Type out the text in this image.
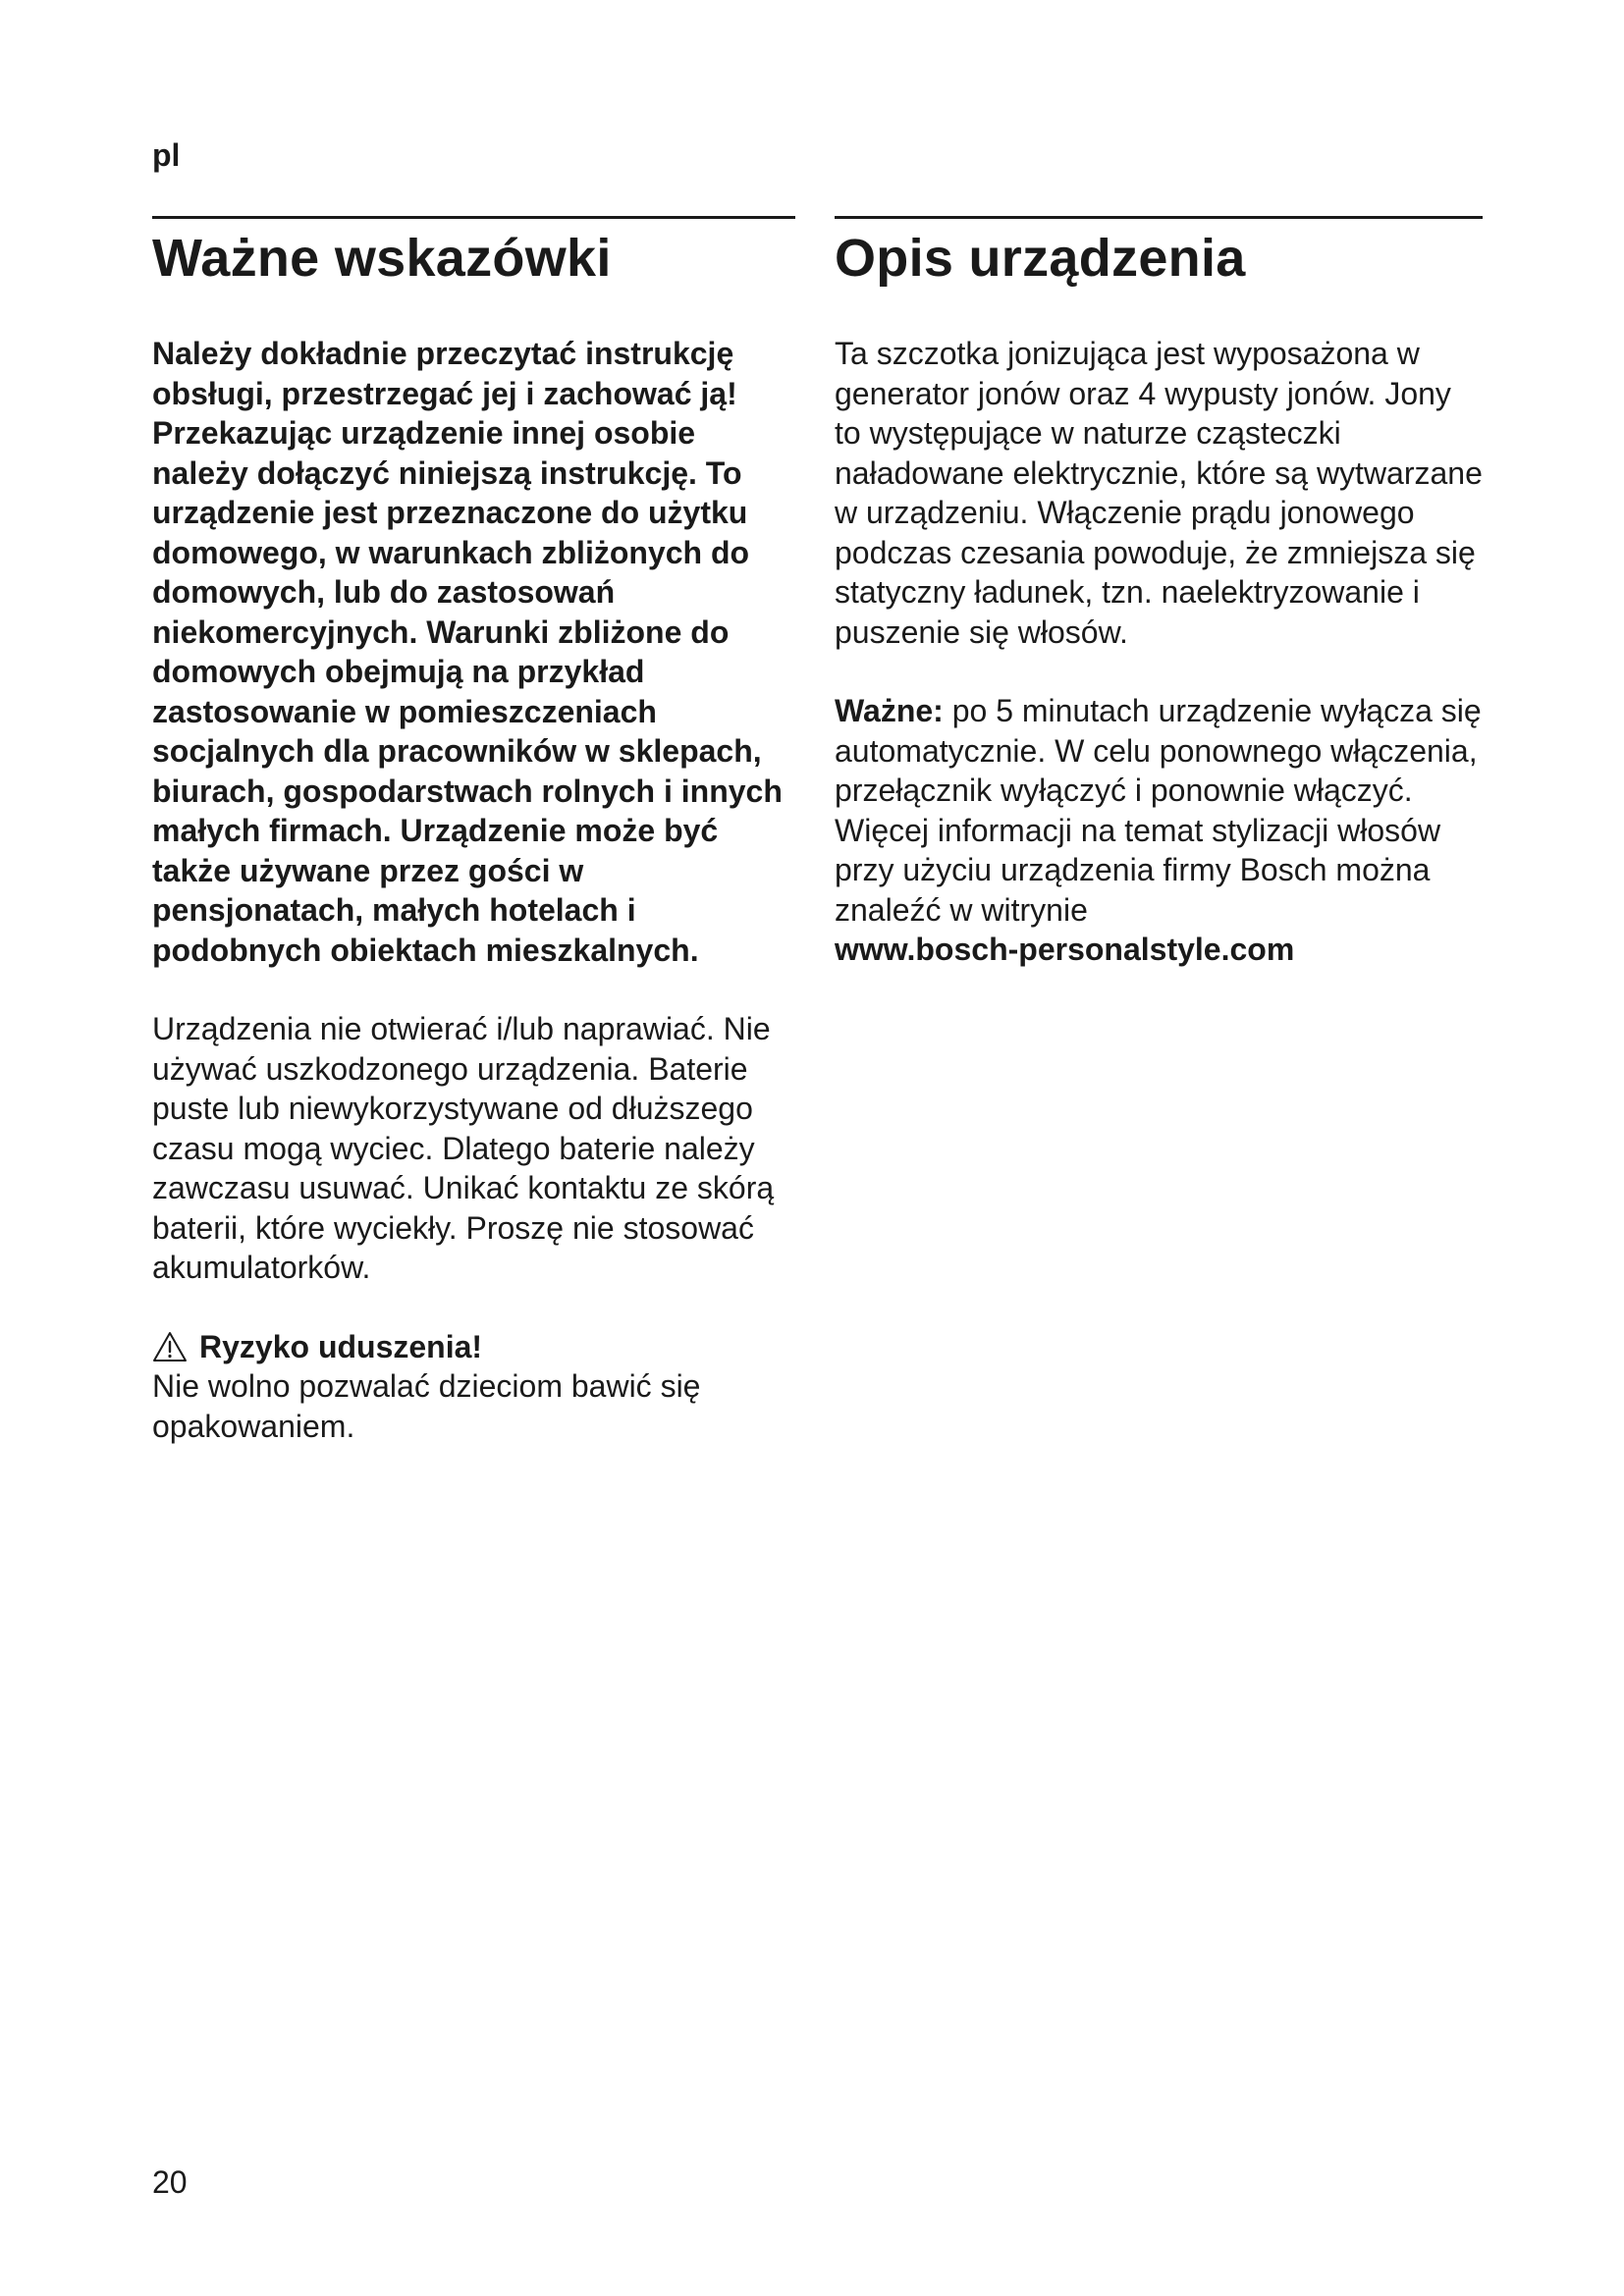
pl
Ważne wskazówki

Należy dokładnie przeczytać instrukcję obsługi, przestrzegać jej i zachować ją! Przekazując urządzenie innej osobie należy dołączyć niniejszą instrukcję. To urządzenie jest przeznaczone do użytku domowego, w warunkach zbliżonych do domowych, lub do zastosowań niekomercyjnych. Warunki zbliżone do domowych obejmują na przykład zastosowanie w pomieszczeniach socjalnych dla pracowników w sklepach, biurach, gospodarstwach rolnych i innych małych firmach. Urządzenie może być także używane przez gości w pensjonatach, małych hotelach i podobnych obiektach mieszkalnych.

Urządzenia nie otwierać i/lub naprawiać. Nie używać uszkodzonego urządzenia. Baterie puste lub niewykorzystywane od dłuższego czasu mogą wyciec. Dlatego baterie należy zawczasu usuwać. Unikać kontaktu ze skórą baterii, które wyciekły. Proszę nie stosować akumulatorków.

Ryzyko uduszenia!

Nie wolno pozwalać dzieciom bawić się opakowaniem.

Opis urządzenia

Ta szczotka jonizująca jest wyposażona w generator jonów oraz 4 wypusty jonów. Jony to występujące w naturze cząsteczki naładowane elektrycznie, które są wytwarzane w urządzeniu. Włączenie prądu jonowego podczas czesania powoduje, że zmniejsza się statyczny ładunek, tzn. naelektryzowanie i puszenie się włosów.

Ważne: po 5 minutach urządzenie wyłącza się automatycznie. W celu ponownego włączenia, przełącznik wyłączyć i ponownie włączyć. Więcej informacji na temat stylizacji włosów przy użyciu urządzenia firmy Bosch można znaleźć w witrynie
www.bosch-personalstyle.com

20
